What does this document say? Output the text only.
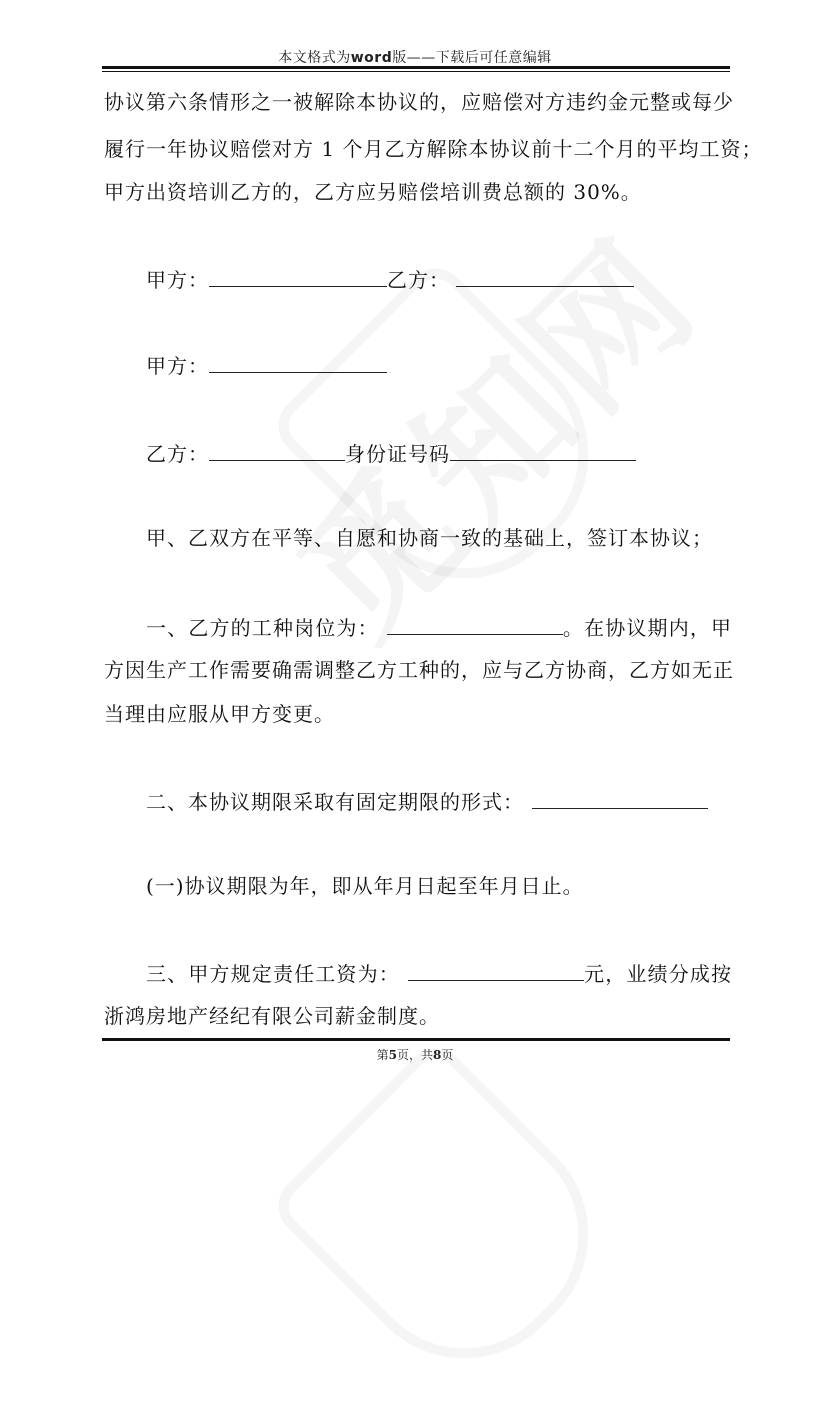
本文格式为word版——下载后可任意编辑
协议第六条情形之一被解除本协议的，应赔偿对方违约金元整或每少
履行一年协议赔偿对方 1 个月乙方解除本协议前十二个月的平均工资；
甲方出资培训乙方的，乙方应另赔偿培训费总额的 30%。
甲方：	乙方：
甲方：
乙方：	身份证号码
甲、乙双方在平等、自愿和协商一致的基础上，签订本协议；
一、乙方的工种岗位为：	。在协议期内，甲
方因生产工作需要确需调整乙方工种的，应与乙方协商，乙方如无正
当理由应服从甲方变更。
二、本协议期限采取有固定期限的形式：
(一)协议期限为年，即从年月日起至年月日止。
三、甲方规定责任工资为：	元，业绩分成按
浙鸿房地产经纪有限公司薪金制度。
第5页，共8页
